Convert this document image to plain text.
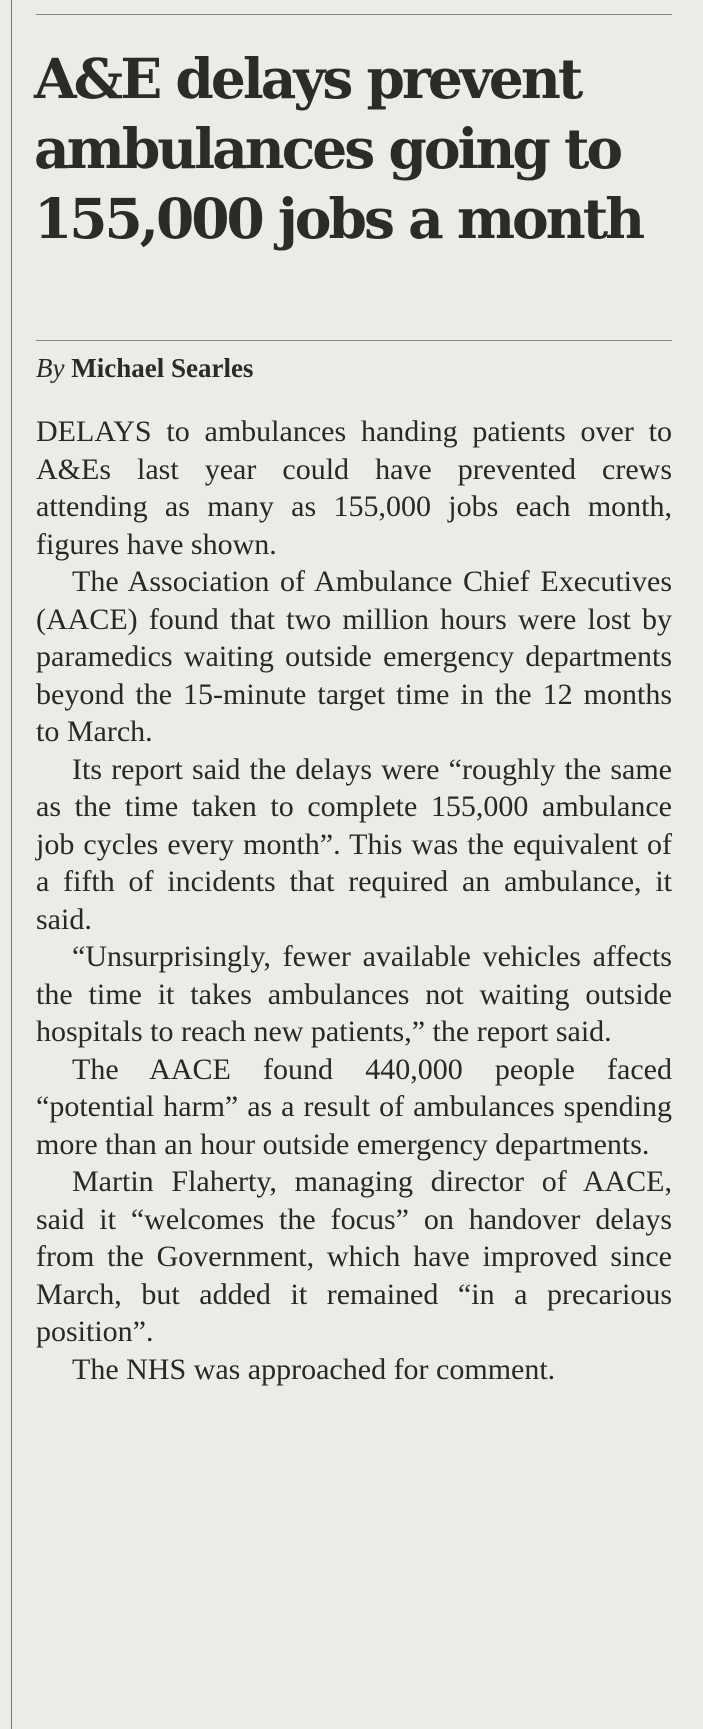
A&E delays prevent ambulances going to 155,000 jobs a month
By Michael Searles

DELAYS to ambulances handing patients over to A&Es last year could have prevented crews attending as many as 155,000 jobs each month, figures have shown.

The Association of Ambulance Chief Executives (AACE) found that two million hours were lost by paramedics waiting outside emergency departments beyond the 15-minute target time in the 12 months to March.

Its report said the delays were “roughly the same as the time taken to complete 155,000 ambulance job cycles every month”. This was the equivalent of a fifth of incidents that required an ambulance, it said.

“Unsurprisingly, fewer available vehicles affects the time it takes ambulances not waiting outside hospitals to reach new patients,” the report said.

The AACE found 440,000 people faced “potential harm” as a result of ambulances spending more than an hour outside emergency departments.

Martin Flaherty, managing director of AACE, said it “welcomes the focus” on handover delays from the Government, which have improved since March, but added it remained “in a precarious position”.

The NHS was approached for comment.
